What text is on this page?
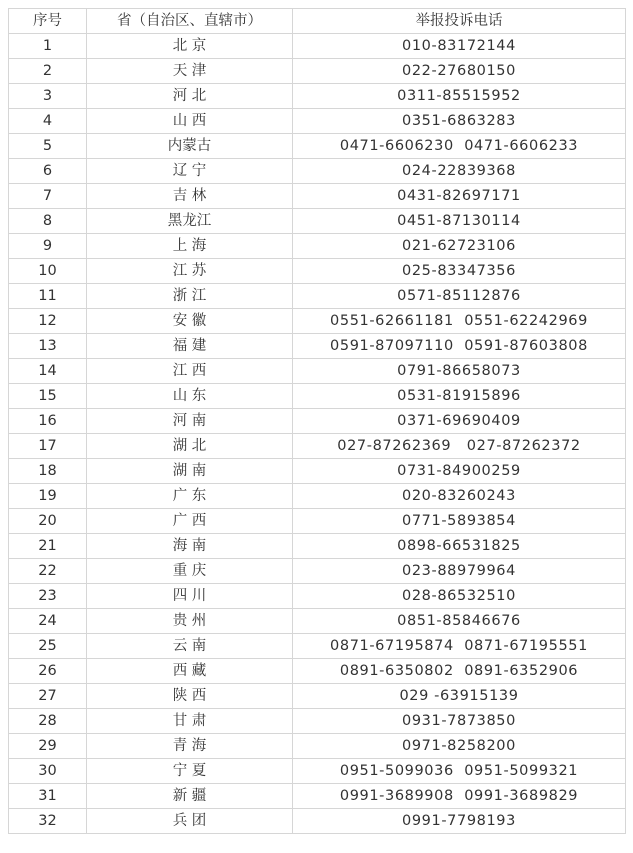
序号	省（自治区、直辖市）	举报投诉电话
1	北 京	010-83172144
2	天 津	022-27680150
3	河 北	0311-85515952
4	山 西	0351-6863283
5	内蒙古	0471-6606230  0471-6606233
6	辽 宁	024-22839368
7	吉 林	0431-82697171
8	黑龙江	0451-87130114
9	上 海	021-62723106
10	江 苏	025-83347356
11	浙 江	0571-85112876
12	安 徽	0551-62661181  0551-62242969
13	福 建	0591-87097110  0591-87603808
14	江 西	0791-86658073
15	山 东	0531-81915896
16	河 南	0371-69690409
17	湖 北	027-87262369   027-87262372
18	湖 南	0731-84900259
19	广 东	020-83260243
20	广 西	0771-5893854
21	海 南	0898-66531825
22	重 庆	023-88979964
23	四 川	028-86532510
24	贵 州	0851-85846676
25	云 南	0871-67195874  0871-67195551
26	西 藏	0891-6350802  0891-6352906
27	陕 西	029 -63915139
28	甘 肃	0931-7873850
29	青 海	0971-8258200
30	宁 夏	0951-5099036  0951-5099321
31	新 疆	0991-3689908  0991-3689829
32	兵 团	0991-7798193
